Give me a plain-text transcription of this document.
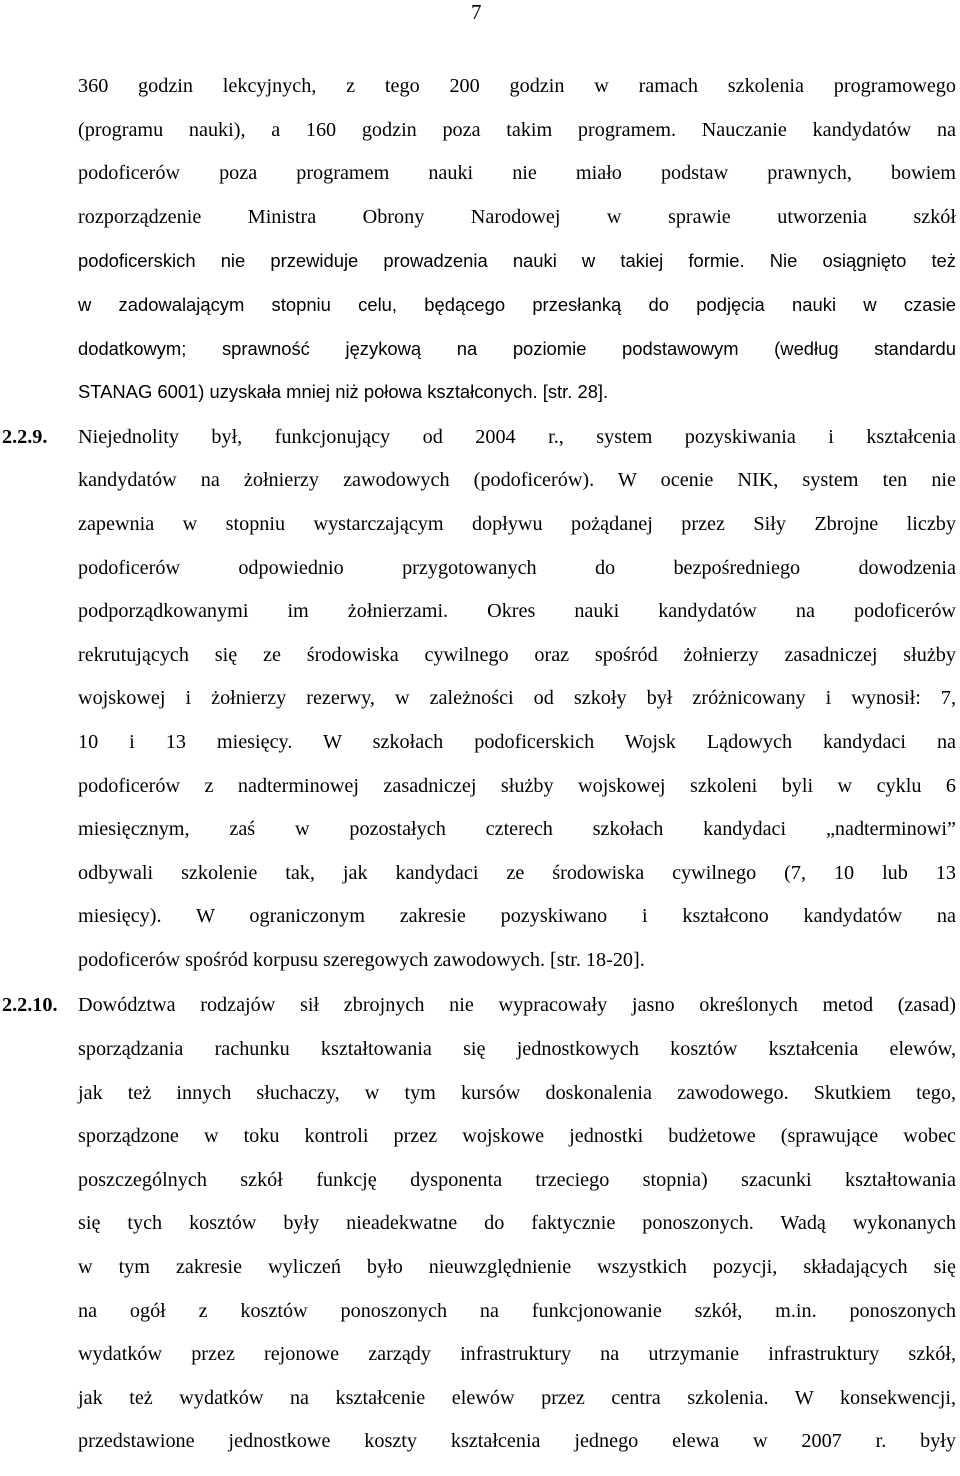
7
360 godzin lekcyjnych, z tego 200 godzin w ramach szkolenia programowego
(programu nauki), a 160 godzin poza takim programem. Nauczanie kandydatów na
podoficerów poza programem nauki nie miało podstaw prawnych, bowiem
rozporządzenie Ministra Obrony Narodowej w sprawie utworzenia szkół
podoficerskich nie przewiduje prowadzenia nauki w takiej formie. Nie osiągnięto też
w zadowalającym stopniu celu, będącego przesłanką do podjęcia nauki w czasie
dodatkowym; sprawność językową na poziomie podstawowym (według standardu
STANAG 6001) uzyskała mniej niż połowa kształconych. [str. 28].
2.2.9. Niejednolity był, funkcjonujący od 2004 r., system pozyskiwania i kształcenia
kandydatów na żołnierzy zawodowych (podoficerów). W ocenie NIK, system ten nie
zapewnia w stopniu wystarczającym dopływu pożądanej przez Siły Zbrojne liczby
podoficerów odpowiednio przygotowanych do bezpośredniego dowodzenia
podporządkowanymi im żołnierzami. Okres nauki kandydatów na podoficerów
rekrutujących się ze środowiska cywilnego oraz spośród żołnierzy zasadniczej służby
wojskowej i żołnierzy rezerwy, w zależności od szkoły był zróżnicowany i wynosił: 7,
10 i 13 miesięcy. W szkołach podoficerskich Wojsk Lądowych kandydaci na
podoficerów z nadterminowej zasadniczej służby wojskowej szkoleni byli w cyklu 6
miesięcznym, zaś w pozostałych czterech szkołach kandydaci „nadterminowi”
odbywali szkolenie tak, jak kandydaci ze środowiska cywilnego (7, 10 lub 13
miesięcy). W ograniczonym zakresie pozyskiwano i kształcono kandydatów na
podoficerów spośród korpusu szeregowych zawodowych. [str. 18-20].
2.2.10. Dowództwa rodzajów sił zbrojnych nie wypracowały jasno określonych metod (zasad)
sporządzania rachunku kształtowania się jednostkowych kosztów kształcenia elewów,
jak też innych słuchaczy, w tym kursów doskonalenia zawodowego. Skutkiem tego,
sporządzone w toku kontroli przez wojskowe jednostki budżetowe (sprawujące wobec
poszczególnych szkół funkcję dysponenta trzeciego stopnia) szacunki kształtowania
się tych kosztów były nieadekwatne do faktycznie ponoszonych. Wadą wykonanych
w tym zakresie wyliczeń było nieuwzględnienie wszystkich pozycji, składających się
na ogół z kosztów ponoszonych na funkcjonowanie szkół, m.in. ponoszonych
wydatków przez rejonowe zarządy infrastruktury na utrzymanie infrastruktury szkół,
jak też wydatków na kształcenie elewów przez centra szkolenia. W konsekwencji,
przedstawione jednostkowe koszty kształcenia jednego elewa w 2007 r. były
